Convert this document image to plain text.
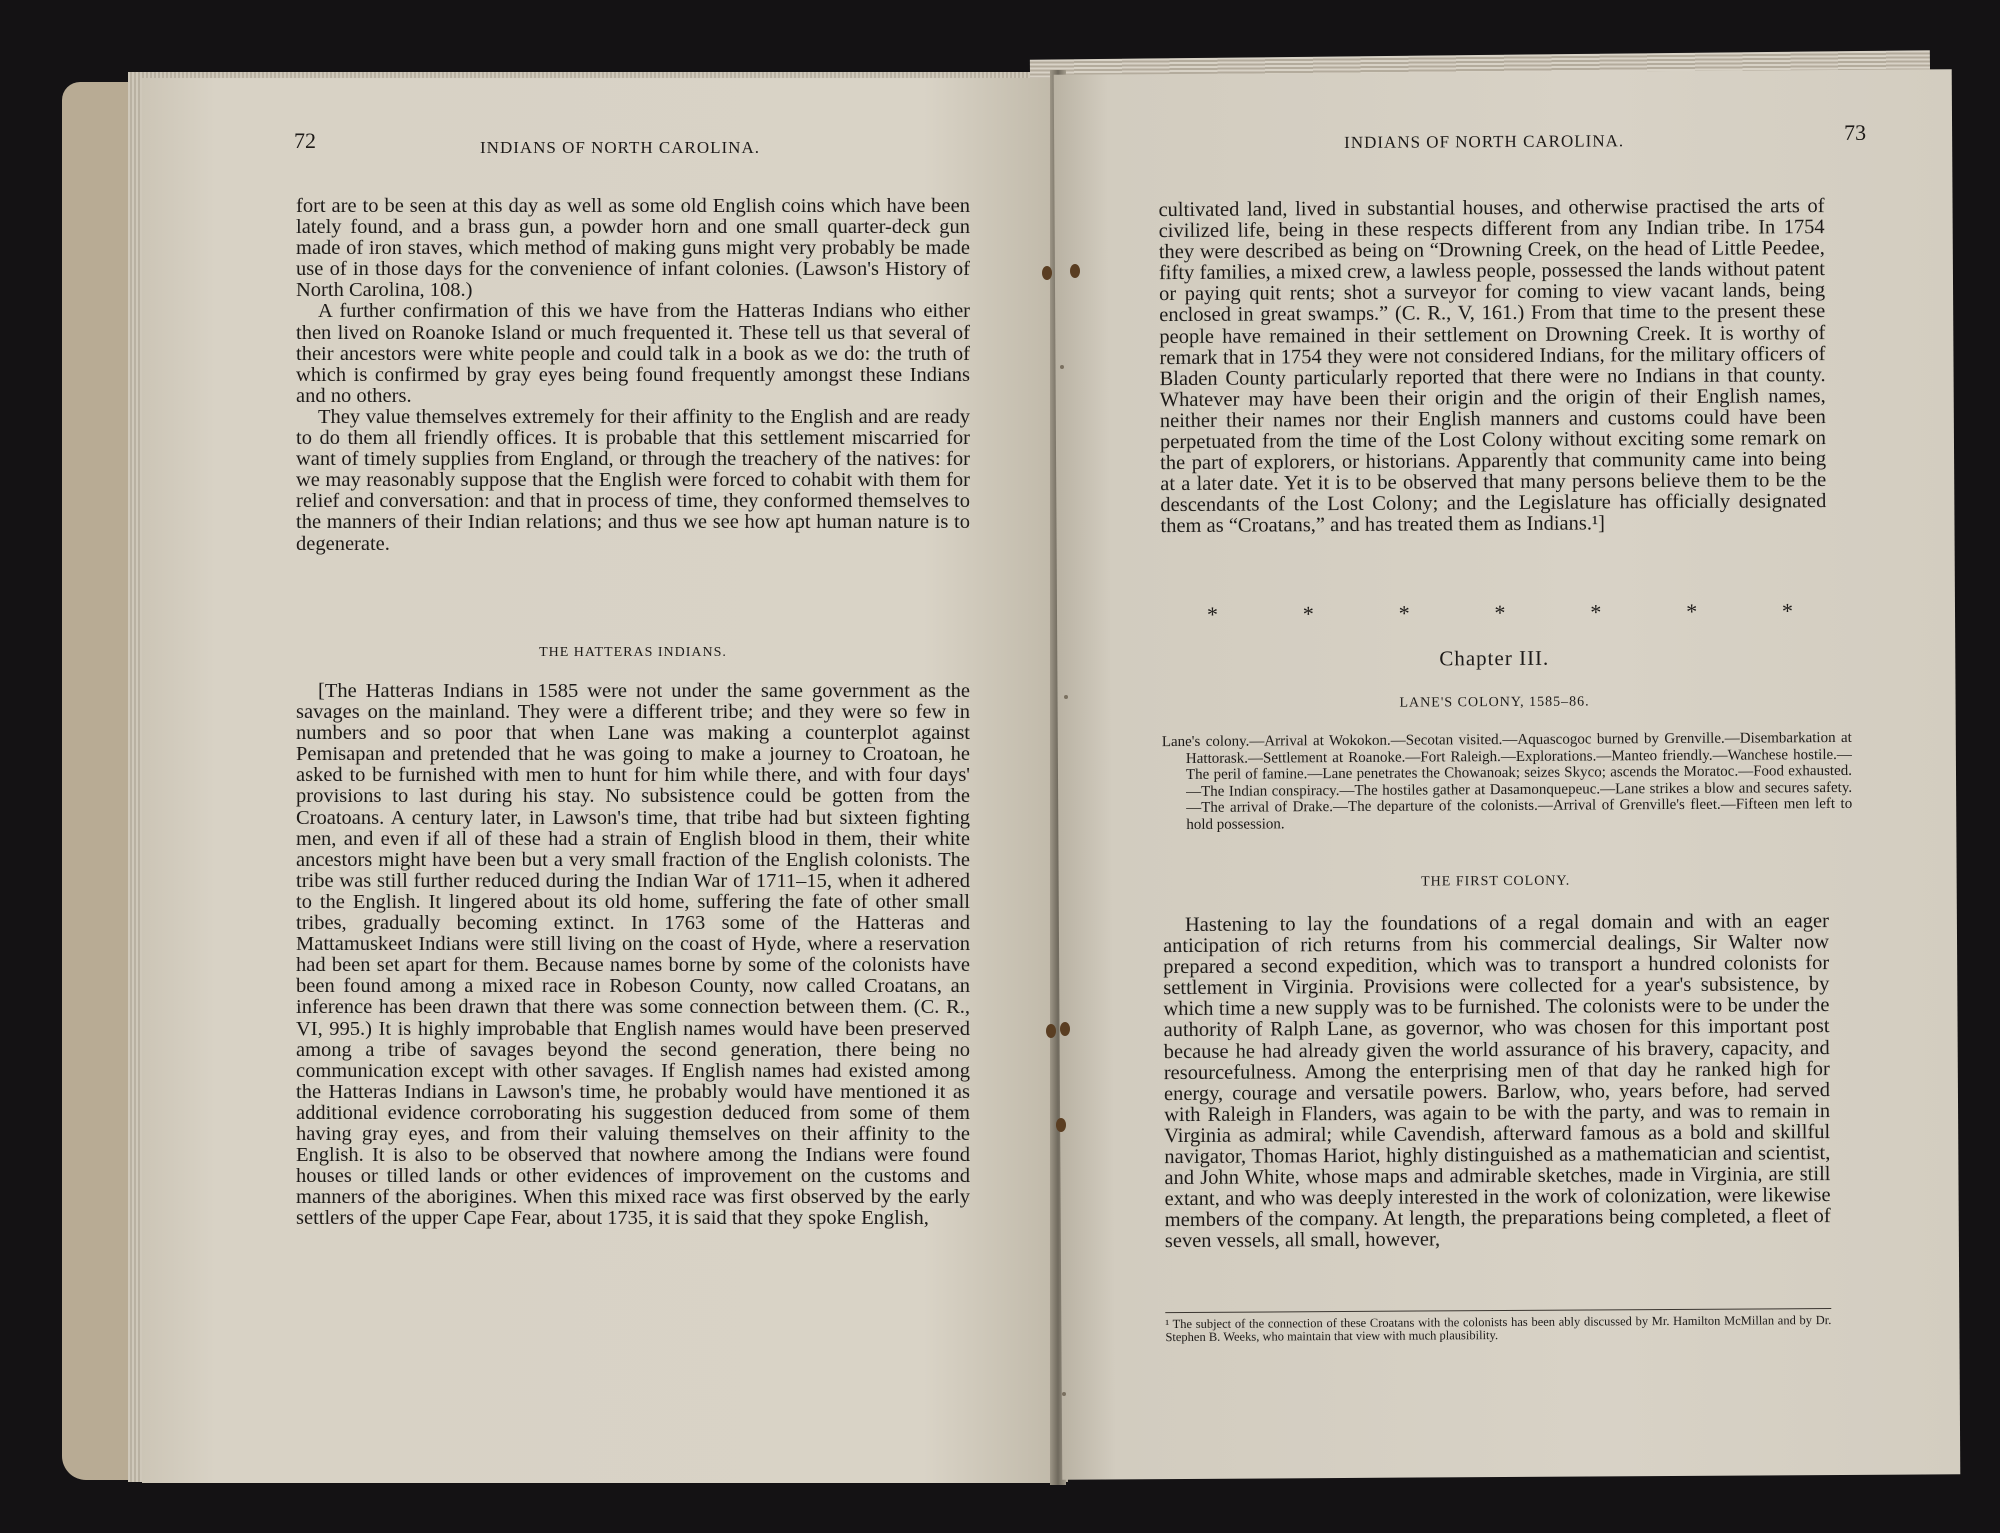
72	INDIANS OF NORTH CAROLINA.

fort are to be seen at this day as well as some old English coins which have been lately found, and a brass gun, a powder horn and one small quarter-deck gun made of iron staves, which method of making guns might very probably be made use of in those days for the convenience of infant colonies. (Lawson's History of North Carolina, 108.)

A further confirmation of this we have from the Hatteras Indians who either then lived on Roanoke Island or much frequented it. These tell us that several of their ancestors were white people and could talk in a book as we do: the truth of which is confirmed by gray eyes being found frequently amongst these Indians and no others.

They value themselves extremely for their affinity to the English and are ready to do them all friendly offices. It is probable that this settlement miscarried for want of timely supplies from England, or through the treachery of the natives: for we may reasonably suppose that the English were forced to cohabit with them for relief and conversation: and that in process of time, they conformed themselves to the manners of their Indian relations; and thus we see how apt human nature is to degenerate.

THE HATTERAS INDIANS.

[The Hatteras Indians in 1585 were not under the same government as the savages on the mainland. They were a different tribe; and they were so few in numbers and so poor that when Lane was making a counterplot against Pemisapan and pretended that he was going to make a journey to Croatoan, he asked to be furnished with men to hunt for him while there, and with four days' provisions to last during his stay. No subsistence could be gotten from the Croatoans. A century later, in Lawson's time, that tribe had but sixteen fighting men, and even if all of these had a strain of English blood in them, their white ancestors might have been but a very small fraction of the English colonists. The tribe was still further reduced during the Indian War of 1711–15, when it adhered to the English. It lingered about its old home, suffering the fate of other small tribes, gradually becoming extinct. In 1763 some of the Hatteras and Mattamuskeet Indians were still living on the coast of Hyde, where a reservation had been set apart for them. Because names borne by some of the colonists have been found among a mixed race in Robeson County, now called Croatans, an inference has been drawn that there was some connection between them. (C. R., VI, 995.) It is highly improbable that English names would have been preserved among a tribe of savages beyond the second generation, there being no communication except with other savages. If English names had existed among the Hatteras Indians in Lawson's time, he probably would have mentioned it as additional evidence corroborating his suggestion deduced from some of them having gray eyes, and from their valuing themselves on their affinity to the English. It is also to be observed that nowhere among the Indians were found houses or tilled lands or other evidences of improvement on the customs and manners of the aborigines. When this mixed race was first observed by the early settlers of the upper Cape Fear, about 1735, it is said that they spoke English,

INDIANS OF NORTH CAROLINA.	73

cultivated land, lived in substantial houses, and otherwise practised the arts of civilized life, being in these respects different from any Indian tribe. In 1754 they were described as being on “Drowning Creek, on the head of Little Peedee, fifty families, a mixed crew, a lawless people, possessed the lands without patent or paying quit rents; shot a surveyor for coming to view vacant lands, being enclosed in great swamps.” (C. R., V, 161.) From that time to the present these people have remained in their settlement on Drowning Creek. It is worthy of remark that in 1754 they were not considered Indians, for the military officers of Bladen County particularly reported that there were no Indians in that county. Whatever may have been their origin and the origin of their English names, neither their names nor their English manners and customs could have been perpetuated from the time of the Lost Colony without exciting some remark on the part of explorers, or historians. Apparently that community came into being at a later date. Yet it is to be observed that many persons believe them to be the descendants of the Lost Colony; and the Legislature has officially designated them as “Croatans,” and has treated them as Indians.¹]

*	*	*	*	*	*	*
Chapter III.
LANE'S COLONY, 1585–86.

Lane's colony.—Arrival at Wokokon.—Secotan visited.—Aquascogoc burned by Grenville.—Disembarkation at Hattorask.—Settlement at Roanoke.—Fort Raleigh.—Explorations.—Manteo friendly.—Wanchese hostile.—The peril of famine.—Lane penetrates the Chowanoak; seizes Skyco; ascends the Moratoc.—Food exhausted.—The Indian conspiracy.—The hostiles gather at Dasamonquepeuc.—Lane strikes a blow and secures safety.—The arrival of Drake.—The departure of the colonists.—Arrival of Grenville's fleet.—Fifteen men left to hold possession.

THE FIRST COLONY.

Hastening to lay the foundations of a regal domain and with an eager anticipation of rich returns from his commercial dealings, Sir Walter now prepared a second expedition, which was to transport a hundred colonists for settlement in Virginia. Provisions were collected for a year's subsistence, by which time a new supply was to be furnished. The colonists were to be under the authority of Ralph Lane, as governor, who was chosen for this important post because he had already given the world assurance of his bravery, capacity, and resourcefulness. Among the enterprising men of that day he ranked high for energy, courage and versatile powers. Barlow, who, years before, had served with Raleigh in Flanders, was again to be with the party, and was to remain in Virginia as admiral; while Cavendish, afterward famous as a bold and skillful navigator, Thomas Hariot, highly distinguished as a mathematician and scientist, and John White, whose maps and admirable sketches, made in Virginia, are still extant, and who was deeply interested in the work of colonization, were likewise members of the company. At length, the preparations being completed, a fleet of seven vessels, all small, however,

¹ The subject of the connection of these Croatans with the colonists has been ably discussed by Mr. Hamilton McMillan and by Dr. Stephen B. Weeks, who maintain that view with much plausibility.
